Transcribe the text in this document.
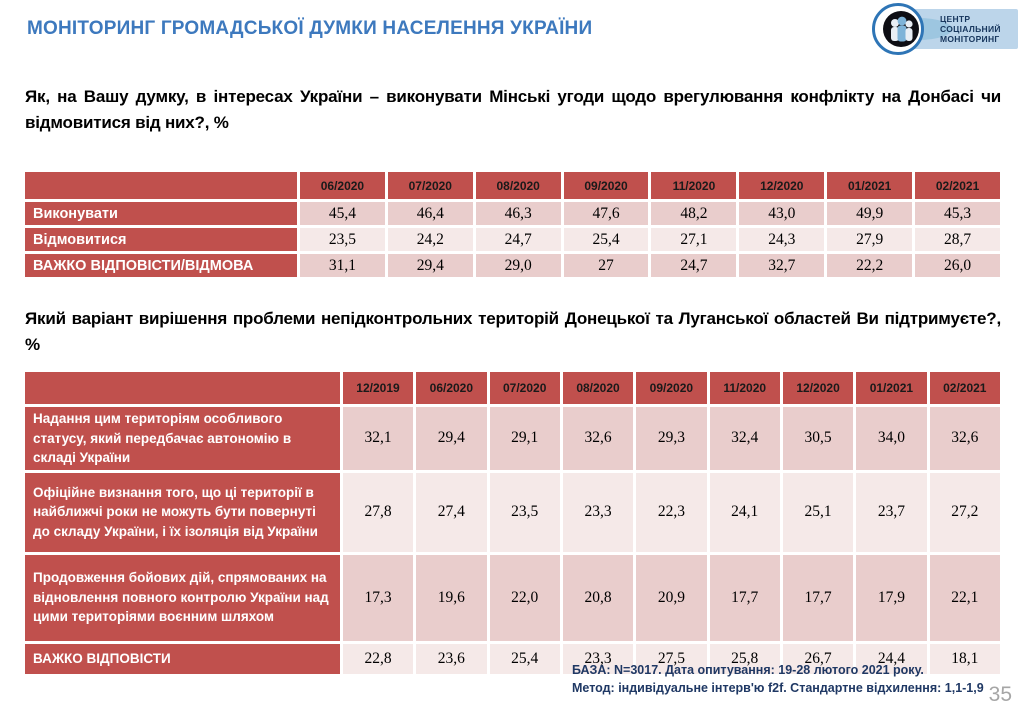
МОНІТОРИНГ ГРОМАДСЬКОЇ ДУМКИ НАСЕЛЕННЯ УКРАЇНИ	ЦЕНТР
СОЦІАЛЬНИЙ
МОНІТОРИНГ

Як, на Вашу думку, в інтересах України – виконувати Мінські угоди щодо врегулювання конфлікту на Донбасі чи відмовитися від них?, %

	06/2020	07/2020	08/2020	09/2020	11/2020	12/2020	01/2021	02/2021
Виконувати	45,4	46,4	46,3	47,6	48,2	43,0	49,9	45,3
Відмовитися	23,5	24,2	24,7	25,4	27,1	24,3	27,9	28,7
ВАЖКО ВІДПОВІСТИ/ВІДМОВА	31,1	29,4	29,0	27	24,7	32,7	22,2	26,0

Який варіант вирішення проблеми непідконтрольних територій Донецької та Луганської областей Ви підтримуєте?, %

	12/2019	06/2020	07/2020	08/2020	09/2020	11/2020	12/2020	01/2021	02/2021
Надання цим територіям особливого статусу, який передбачає автономію в складі України	32,1	29,4	29,1	32,6	29,3	32,4	30,5	34,0	32,6
Офіційне визнання того, що ці території в найближчі роки не можуть бути повернуті до складу України, і їх ізоляція від України	27,8	27,4	23,5	23,3	22,3	24,1	25,1	23,7	27,2
Продовження бойових дій, спрямованих на відновлення повного контролю України над цими територіями воєнним шляхом	17,3	19,6	22,0	20,8	20,9	17,7	17,7	17,9	22,1
ВАЖКО ВІДПОВІСТИ	22,8	23,6	25,4	23,3	27,5	25,8	26,7	24,4	18,1
БАЗА: N=3017. Дата опитування: 19-28 лютого 2021 року.
Метод: індивідуальне інтерв'ю f2f. Стандартне відхилення: 1,1-1,9 35
